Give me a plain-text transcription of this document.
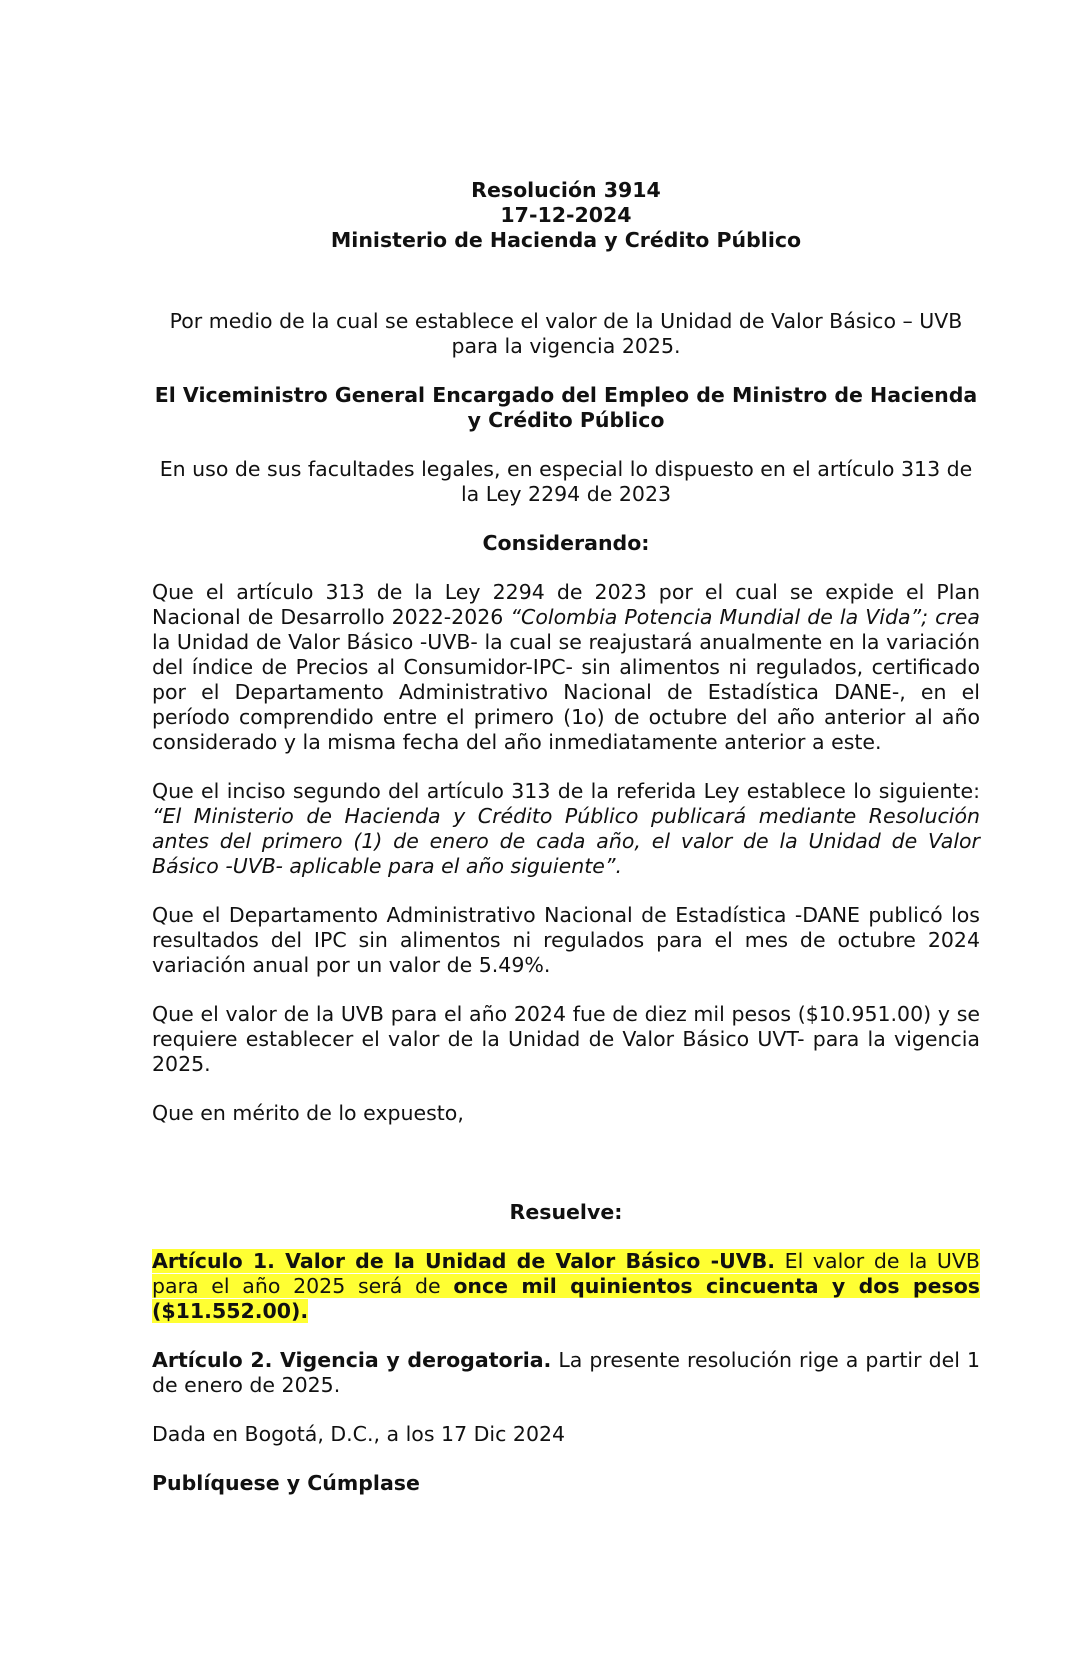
Resolución 3914
17-12-2024
Ministerio de Hacienda y Crédito Público

Por medio de la cual se establece el valor de la Unidad de Valor Básico – UVB para la vigencia 2025.

El Viceministro General Encargado del Empleo de Ministro de Hacienda y Crédito Público

En uso de sus facultades legales, en especial lo dispuesto en el artículo 313 de la Ley 2294 de 2023

Considerando:

Que el artículo 313 de la Ley 2294 de 2023 por el cual se expide el Plan Nacional de Desarrollo 2022-2026 “Colombia Potencia Mundial de la Vida”; crea la Unidad de Valor Básico -UVB- la cual se reajustará anualmente en la variación del índice de Precios al Consumidor-IPC- sin alimentos ni regulados, certificado por el Departamento Administrativo Nacional de Estadística DANE-, en el período comprendido entre el primero (1o) de octubre del año anterior al año considerado y la misma fecha del año inmediatamente anterior a este.

Que el inciso segundo del artículo 313 de la referida Ley establece lo siguiente: “El Ministerio de Hacienda y Crédito Público publicará mediante Resolución antes del primero (1) de enero de cada año, el valor de la Unidad de Valor Básico -UVB- aplicable para el año siguiente”.

Que el Departamento Administrativo Nacional de Estadística -DANE publicó los resultados del IPC sin alimentos ni regulados para el mes de octubre 2024 variación anual por un valor de 5.49%.

Que el valor de la UVB para el año 2024 fue de diez mil pesos ($10.951.00) y se requiere establecer el valor de la Unidad de Valor Básico UVT- para la vigencia 2025.

Que en mérito de lo expuesto,

Resuelve:

Artículo 1. Valor de la Unidad de Valor Básico -UVB. El valor de la UVB para el año 2025 será de once mil quinientos cincuenta y dos pesos ($11.552.00).

Artículo 2. Vigencia y derogatoria. La presente resolución rige a partir del 1 de enero de 2025.

Dada en Bogotá, D.C., a los 17 Dic 2024

Publíquese y Cúmplase
